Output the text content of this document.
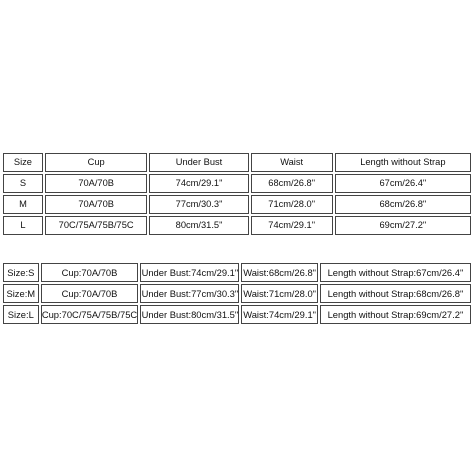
Size	Cup	Under Bust	Waist	Length without Strap
S	70A/70B	74cm/29.1"	68cm/26.8"	67cm/26.4"
M	70A/70B	77cm/30.3"	71cm/28.0"	68cm/26.8"
L	70C/75A/75B/75C	80cm/31.5"	74cm/29.1"	69cm/27.2"
Size:S	Cup:70A/70B	Under Bust:74cm/29.1"	Waist:68cm/26.8"	Length without Strap:67cm/26.4"
Size:M	Cup:70A/70B	Under Bust:77cm/30.3"	Waist:71cm/28.0"	Length without Strap:68cm/26.8"
Size:L	Cup:70C/75A/75B/75C	Under Bust:80cm/31.5"	Waist:74cm/29.1"	Length without Strap:69cm/27.2"
